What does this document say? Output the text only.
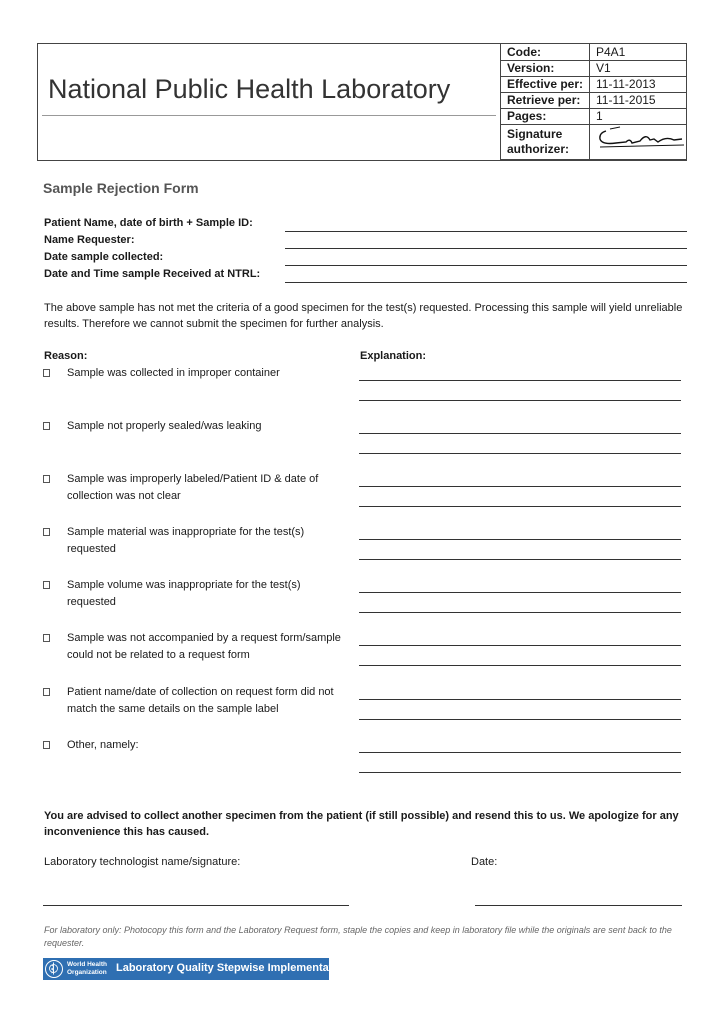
National Public Health Laboratory
Code:	P4A1
Version:	V1
Effective per:	11-11-2013
Retrieve per:	11-11-2015
Pages:	1
Signature
authorizer:	
Sample Rejection Form
Patient Name, date of birth + Sample ID:
Name Requester:
Date sample collected:
Date and Time sample Received at NTRL:
The above sample has not met the criteria of a good specimen for the test(s) requested. Processing this sample will yield unreliable results. Therefore we cannot submit the specimen for further analysis.
Reason:	Explanation:
Sample was collected in improper container
Sample not properly sealed/was leaking
Sample was improperly labeled/Patient ID & date of collection was not clear
Sample material was inappropriate for the test(s) requested
Sample volume was inappropriate for the test(s) requested
Sample was not accompanied by a request form/sample could not be related to a request form
Patient name/date of collection on request form did not match the same details on the sample label
Other, namely:
You are advised to collect another specimen from the patient (if still possible) and resend this to us. We apologize for any inconvenience this has caused.
Laboratory technologist name/signature:	Date:
For laboratory only: Photocopy this form and the Laboratory Request form, staple the copies and keep in laboratory file while the originals are sent back to the requester.
World Health
Organization Laboratory Quality Stepwise Implementation tool
